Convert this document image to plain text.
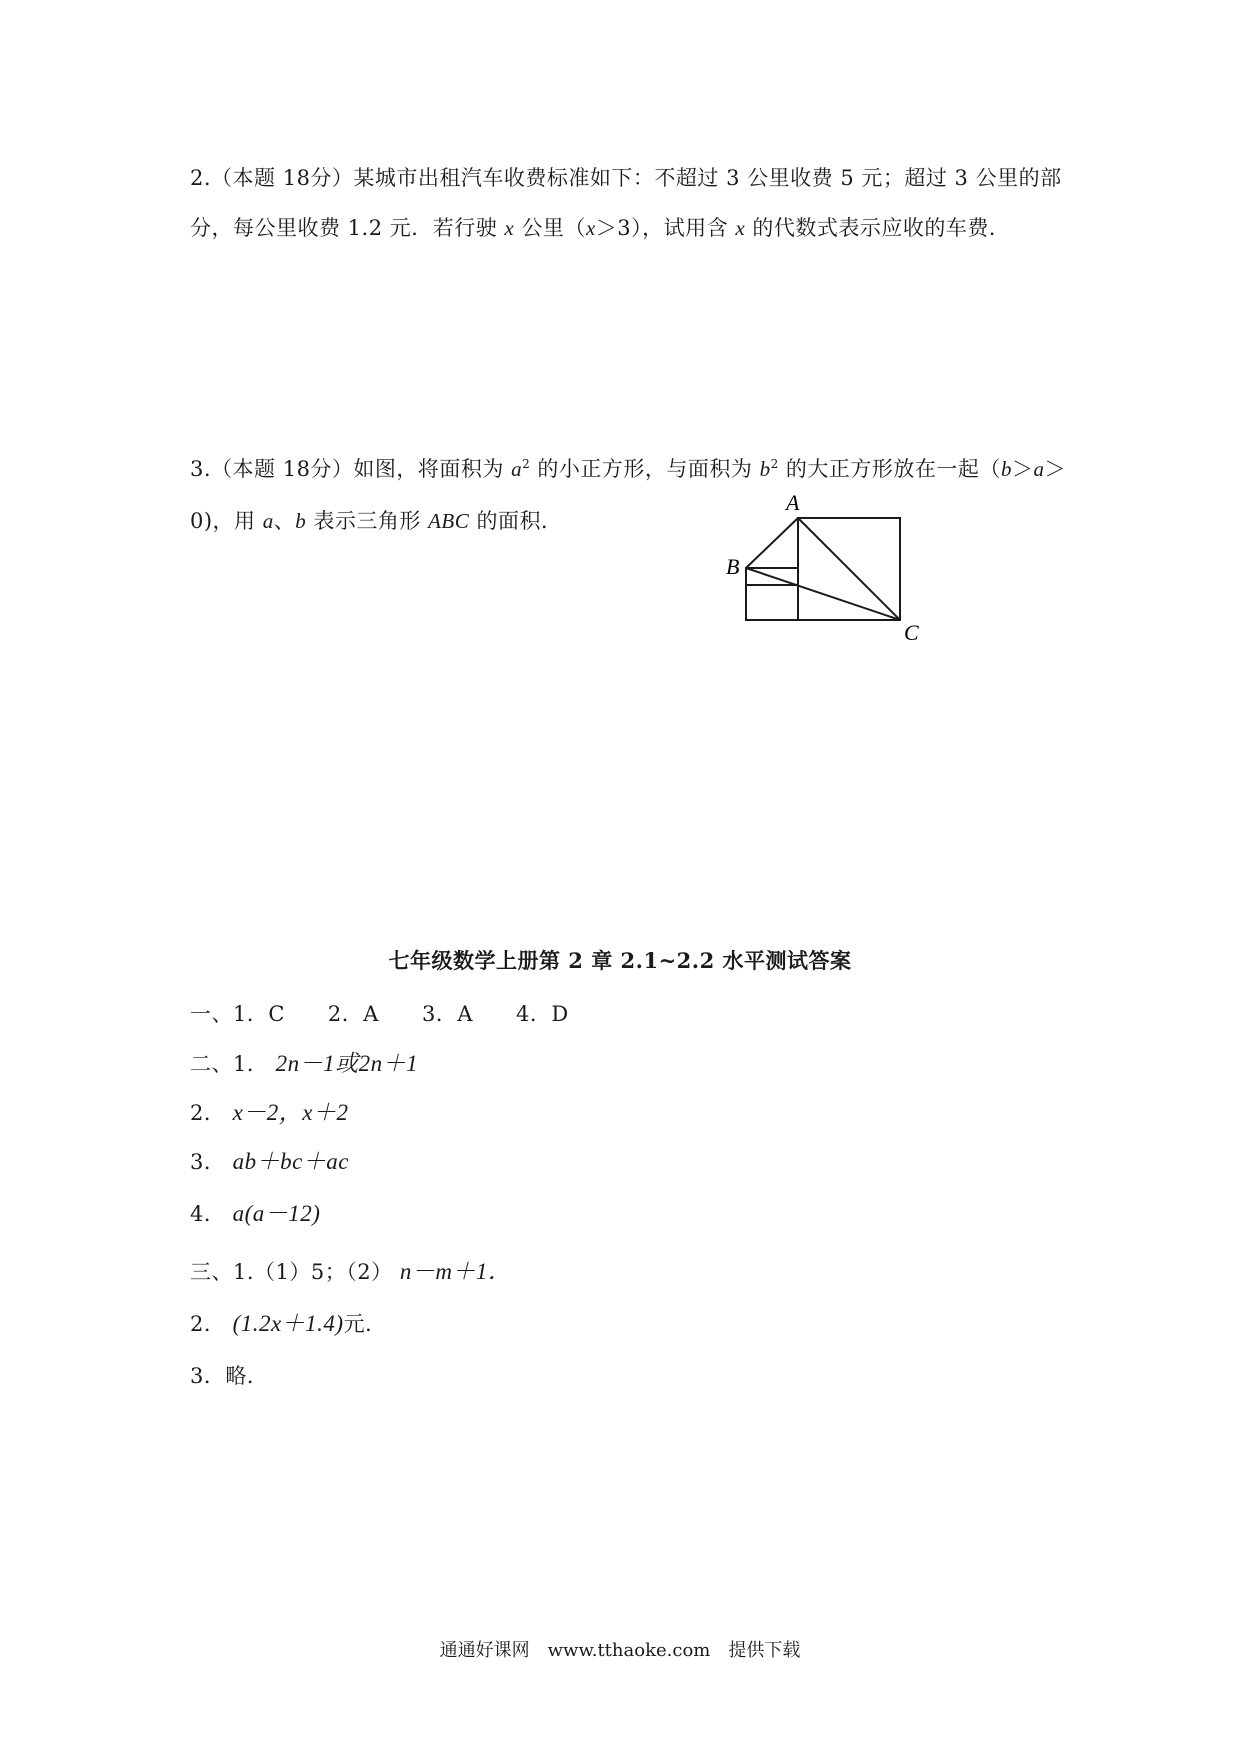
2.（本题 18分）某城市出租汽车收费标准如下：不超过 3 公里收费 5 元；超过 3 公里的部
分，每公里收费 1.2 元．若行驶 x 公里（x＞3），试用含 x 的代数式表示应收的车费．
3.（本题 18分）如图，将面积为 $a^2$ 的小正方形，与面积为 $b^2$ 的大正方形放在一起（b＞a＞
0)，用 a、b 表示三角形 ABC 的面积．
A
B
C
七年级数学上册第 2 章 2.1~2.2 水平测试答案
一、1．C　　2．A　　3．A　　4．D
二、1． 2n－1或2n＋1
2． x－2，x＋2
3． ab＋bc＋ac
4． a(a－12)
三、1.（1）5；（2） n－m＋1．
2． (1.2x＋1.4)元．
3．略．
通通好课网　www.tthaoke.com　提供下载
